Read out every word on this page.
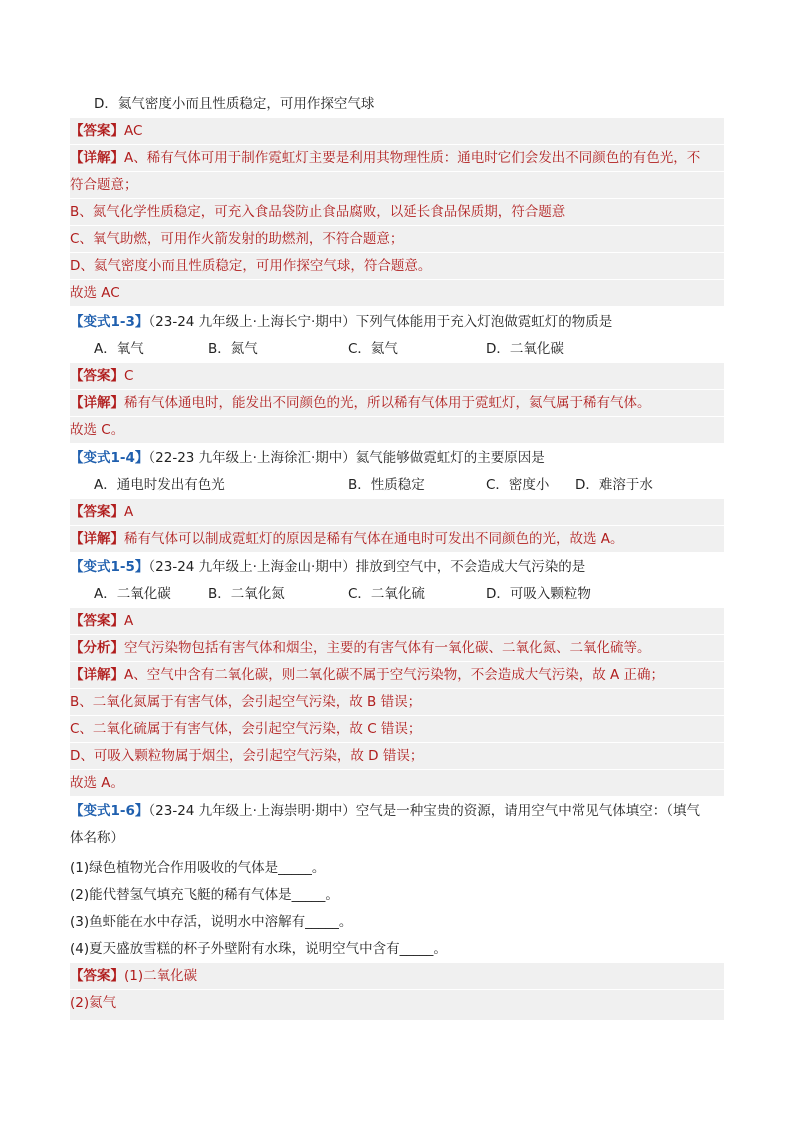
D．氦气密度小而且性质稳定，可用作探空气球
【答案】AC
【详解】A、稀有气体可用于制作霓虹灯主要是利用其物理性质：通电时它们会发出不同颜色的有色光，不
符合题意；
B、氮气化学性质稳定，可充入食品袋防止食品腐败，以延长食品保质期，符合题意
C、氧气助燃，可用作火箭发射的助燃剂，不符合题意；
D、氦气密度小而且性质稳定，可用作探空气球，符合题意。
故选 AC
【变式1-3】（23-24 九年级上·上海长宁·期中）下列气体能用于充入灯泡做霓虹灯的物质是
A．氧气	B．氮气	C．氦气	D．二氧化碳
【答案】C
【详解】稀有气体通电时，能发出不同颜色的光，所以稀有气体用于霓虹灯，氦气属于稀有气体。
故选 C。
【变式1-4】（22-23 九年级上·上海徐汇·期中）氦气能够做霓虹灯的主要原因是
A．通电时发出有色光	B．性质稳定	C．密度小 D．难溶于水
【答案】A
【详解】稀有气体可以制成霓虹灯的原因是稀有气体在通电时可发出不同颜色的光，故选 A。
【变式1-5】（23-24 九年级上·上海金山·期中）排放到空气中，不会造成大气污染的是
A．二氧化碳	B．二氧化氮	C．二氧化硫	D．可吸入颗粒物
【答案】A
【分析】空气污染物包括有害气体和烟尘，主要的有害气体有一氧化碳、二氧化氮、二氧化硫等。
【详解】A、空气中含有二氧化碳，则二氧化碳不属于空气污染物，不会造成大气污染，故 A 正确；
B、二氧化氮属于有害气体，会引起空气污染，故 B 错误；
C、二氧化硫属于有害气体，会引起空气污染，故 C 错误；
D、可吸入颗粒物属于烟尘，会引起空气污染，故 D 错误；
故选 A。
【变式1-6】（23-24 九年级上·上海崇明·期中）空气是一种宝贵的资源，请用空气中常见气体填空：（填气
体名称）
(1)绿色植物光合作用吸收的气体是_____。
(2)能代替氢气填充飞艇的稀有气体是_____。
(3)鱼虾能在水中存活，说明水中溶解有_____。
(4)夏天盛放雪糕的杯子外壁附有水珠，说明空气中含有_____。
【答案】(1)二氧化碳
(2)氦气
